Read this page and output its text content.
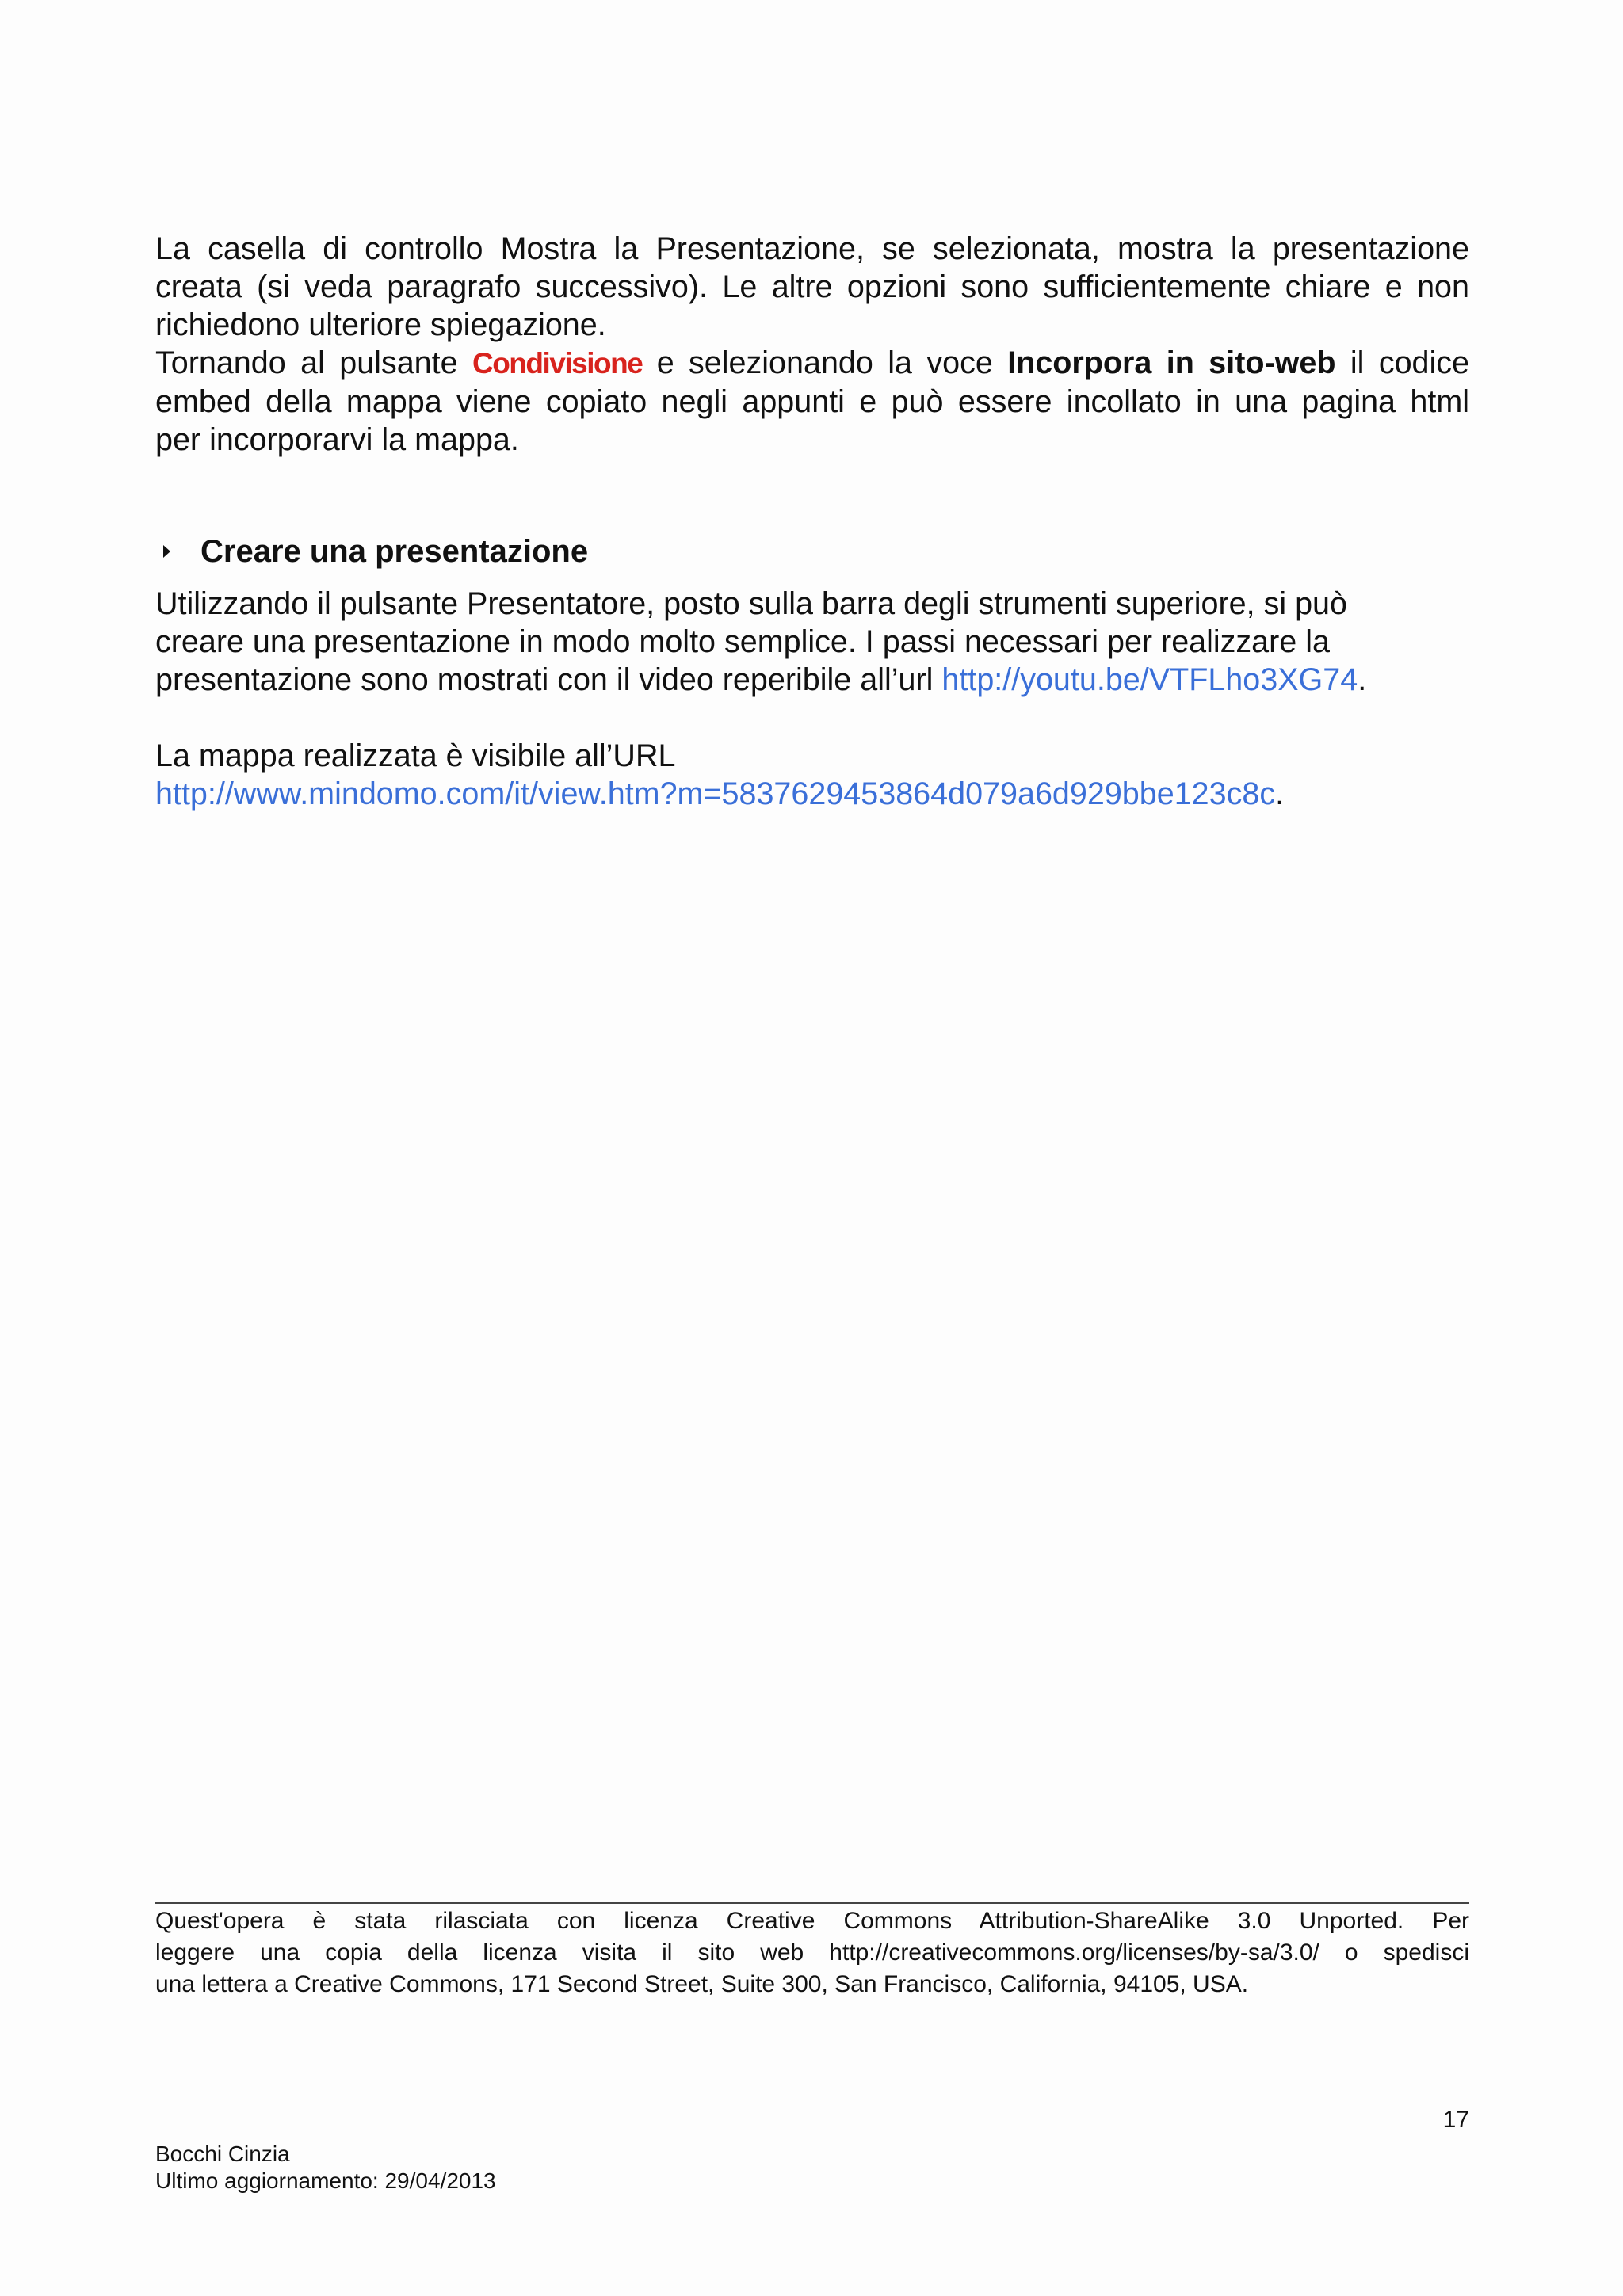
La casella di controllo Mostra la Presentazione, se selezionata, mostra la presentazione
creata (si veda paragrafo successivo). Le altre opzioni sono sufficientemente chiare e non
richiedono ulteriore spiegazione.
Tornando al pulsante Condivisione e selezionando la voce Incorpora in sito-web il codice
embed della mappa viene copiato negli appunti e può essere incollato in una pagina html
per incorporarvi la mappa.
Creare una presentazione
Utilizzando il pulsante Presentatore, posto sulla barra degli strumenti superiore, si può
creare una presentazione in modo molto semplice. I passi necessari per realizzare la
presentazione sono mostrati con il video reperibile all’url http://youtu.be/VTFLho3XG74.
La mappa realizzata è visibile all’URL
http://www.mindomo.com/it/view.htm?m=5837629453864d079a6d929bbe123c8c.
Quest'opera è stata rilasciata con licenza Creative Commons Attribution-ShareAlike 3.0 Unported. Per
leggere una copia della licenza visita il sito web http://creativecommons.org/licenses/by-sa/3.0/ o spedisci
una lettera a Creative Commons, 171 Second Street, Suite 300, San Francisco, California, 94105, USA.
17
Bocchi Cinzia
Ultimo aggiornamento: 29/04/2013
